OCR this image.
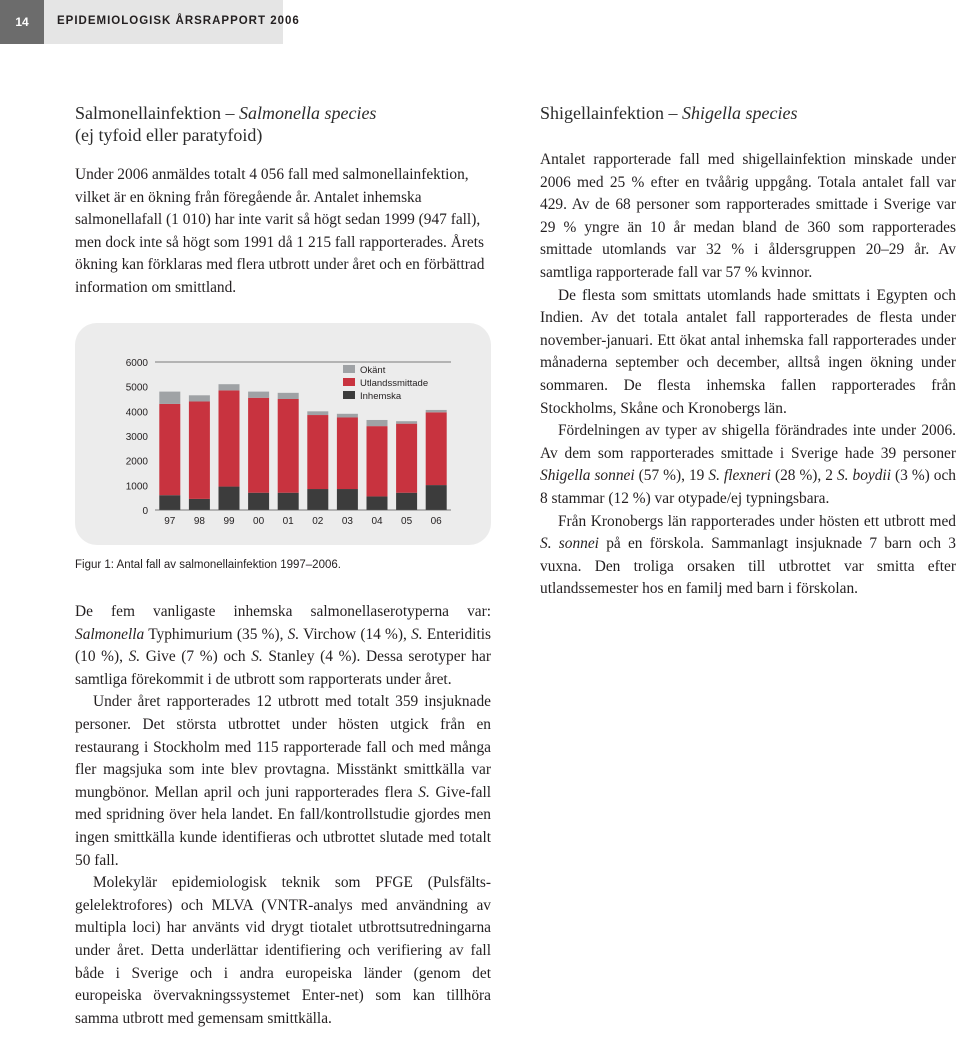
14	EPIDEMIOLOGISK ÅRSRAPPORT 2006
Salmonellainfektion – Salmonella species
(ej tyfoid eller paratyfoid)

Under 2006 anmäldes totalt 4 056 fall med salmonellainfektion, vilket är en ökning från föregående år. Antalet inhemska salmonellafall (1 010) har inte varit så högt sedan 1999 (947 fall), men dock inte så högt som 1991 då 1 215 fall rapporterades. Årets ökning kan förklaras med flera utbrott under året och en förbättrad information om smittland.

0
1000
2000
3000
4000
5000
6000
97 98 99 00 01 02 03 04 05 06
Okänt
Utlandssmittade
Inhemska
Figur 1: Antal fall av salmonellainfektion 1997–2006.

De fem vanligaste inhemska salmonellaserotyperna var: Salmonella Typhimurium (35 %), S. Virchow (14 %), S. Enteriditis (10 %), S. Give (7 %) och S. Stanley (4 %). Dessa serotyper har samtliga förekommit i de utbrott som rapporterats under året.

Under året rapporterades 12 utbrott med totalt 359 insjuknade personer. Det största utbrottet under hösten utgick från en restaurang i Stockholm med 115 rapporterade fall och med många fler magsjuka som inte blev provtagna. Misstänkt smittkälla var mungbönor. Mellan april och juni rapporterades flera S. Give-fall med spridning över hela landet. En fall/kontrollstudie gjordes men ingen smittkälla kunde identifieras och utbrottet slutade med totalt 50 fall.

Molekylär epidemiologisk teknik som PFGE (Pulsfälts-gelelektrofores) och MLVA (VNTR-analys med användning av multipla loci) har använts vid drygt tiotalet utbrottsutredningarna under året. Detta underlättar identifiering och verifiering av fall både i Sverige och i andra europeiska länder (genom det europeiska övervakningssystemet Enter-net) som kan tillhöra samma utbrott med gemensam smittkälla.

Shigellainfektion – Shigella species

Antalet rapporterade fall med shigellainfektion minskade under 2006 med 25 % efter en tvåårig uppgång. Totala antalet fall var 429. Av de 68 personer som rapporterades smittade i Sverige var 29 % yngre än 10 år medan bland de 360 som rapporterades smittade utomlands var 32 % i åldersgruppen 20–29 år. Av samtliga rapporterade fall var 57 % kvinnor.

De flesta som smittats utomlands hade smittats i Egypten och Indien. Av det totala antalet fall rapporterades de flesta under november-januari. Ett ökat antal inhemska fall rapporterades under månaderna september och december, alltså ingen ökning under sommaren. De flesta inhemska fallen rapporterades från Stockholms, Skåne och Kronobergs län.

Fördelningen av typer av shigella förändrades inte under 2006. Av dem som rapporterades smittade i Sverige hade 39 personer Shigella sonnei (57 %), 19 S. flexneri (28 %), 2 S. boydii (3 %) och 8 stammar (12 %) var otypade/ej typningsbara.

Från Kronobergs län rapporterades under hösten ett utbrott med S. sonnei på en förskola. Sammanlagt insjuknade 7 barn och 3 vuxna. Den troliga orsaken till utbrottet var smitta efter utlandssemester hos en familj med barn i förskolan.
